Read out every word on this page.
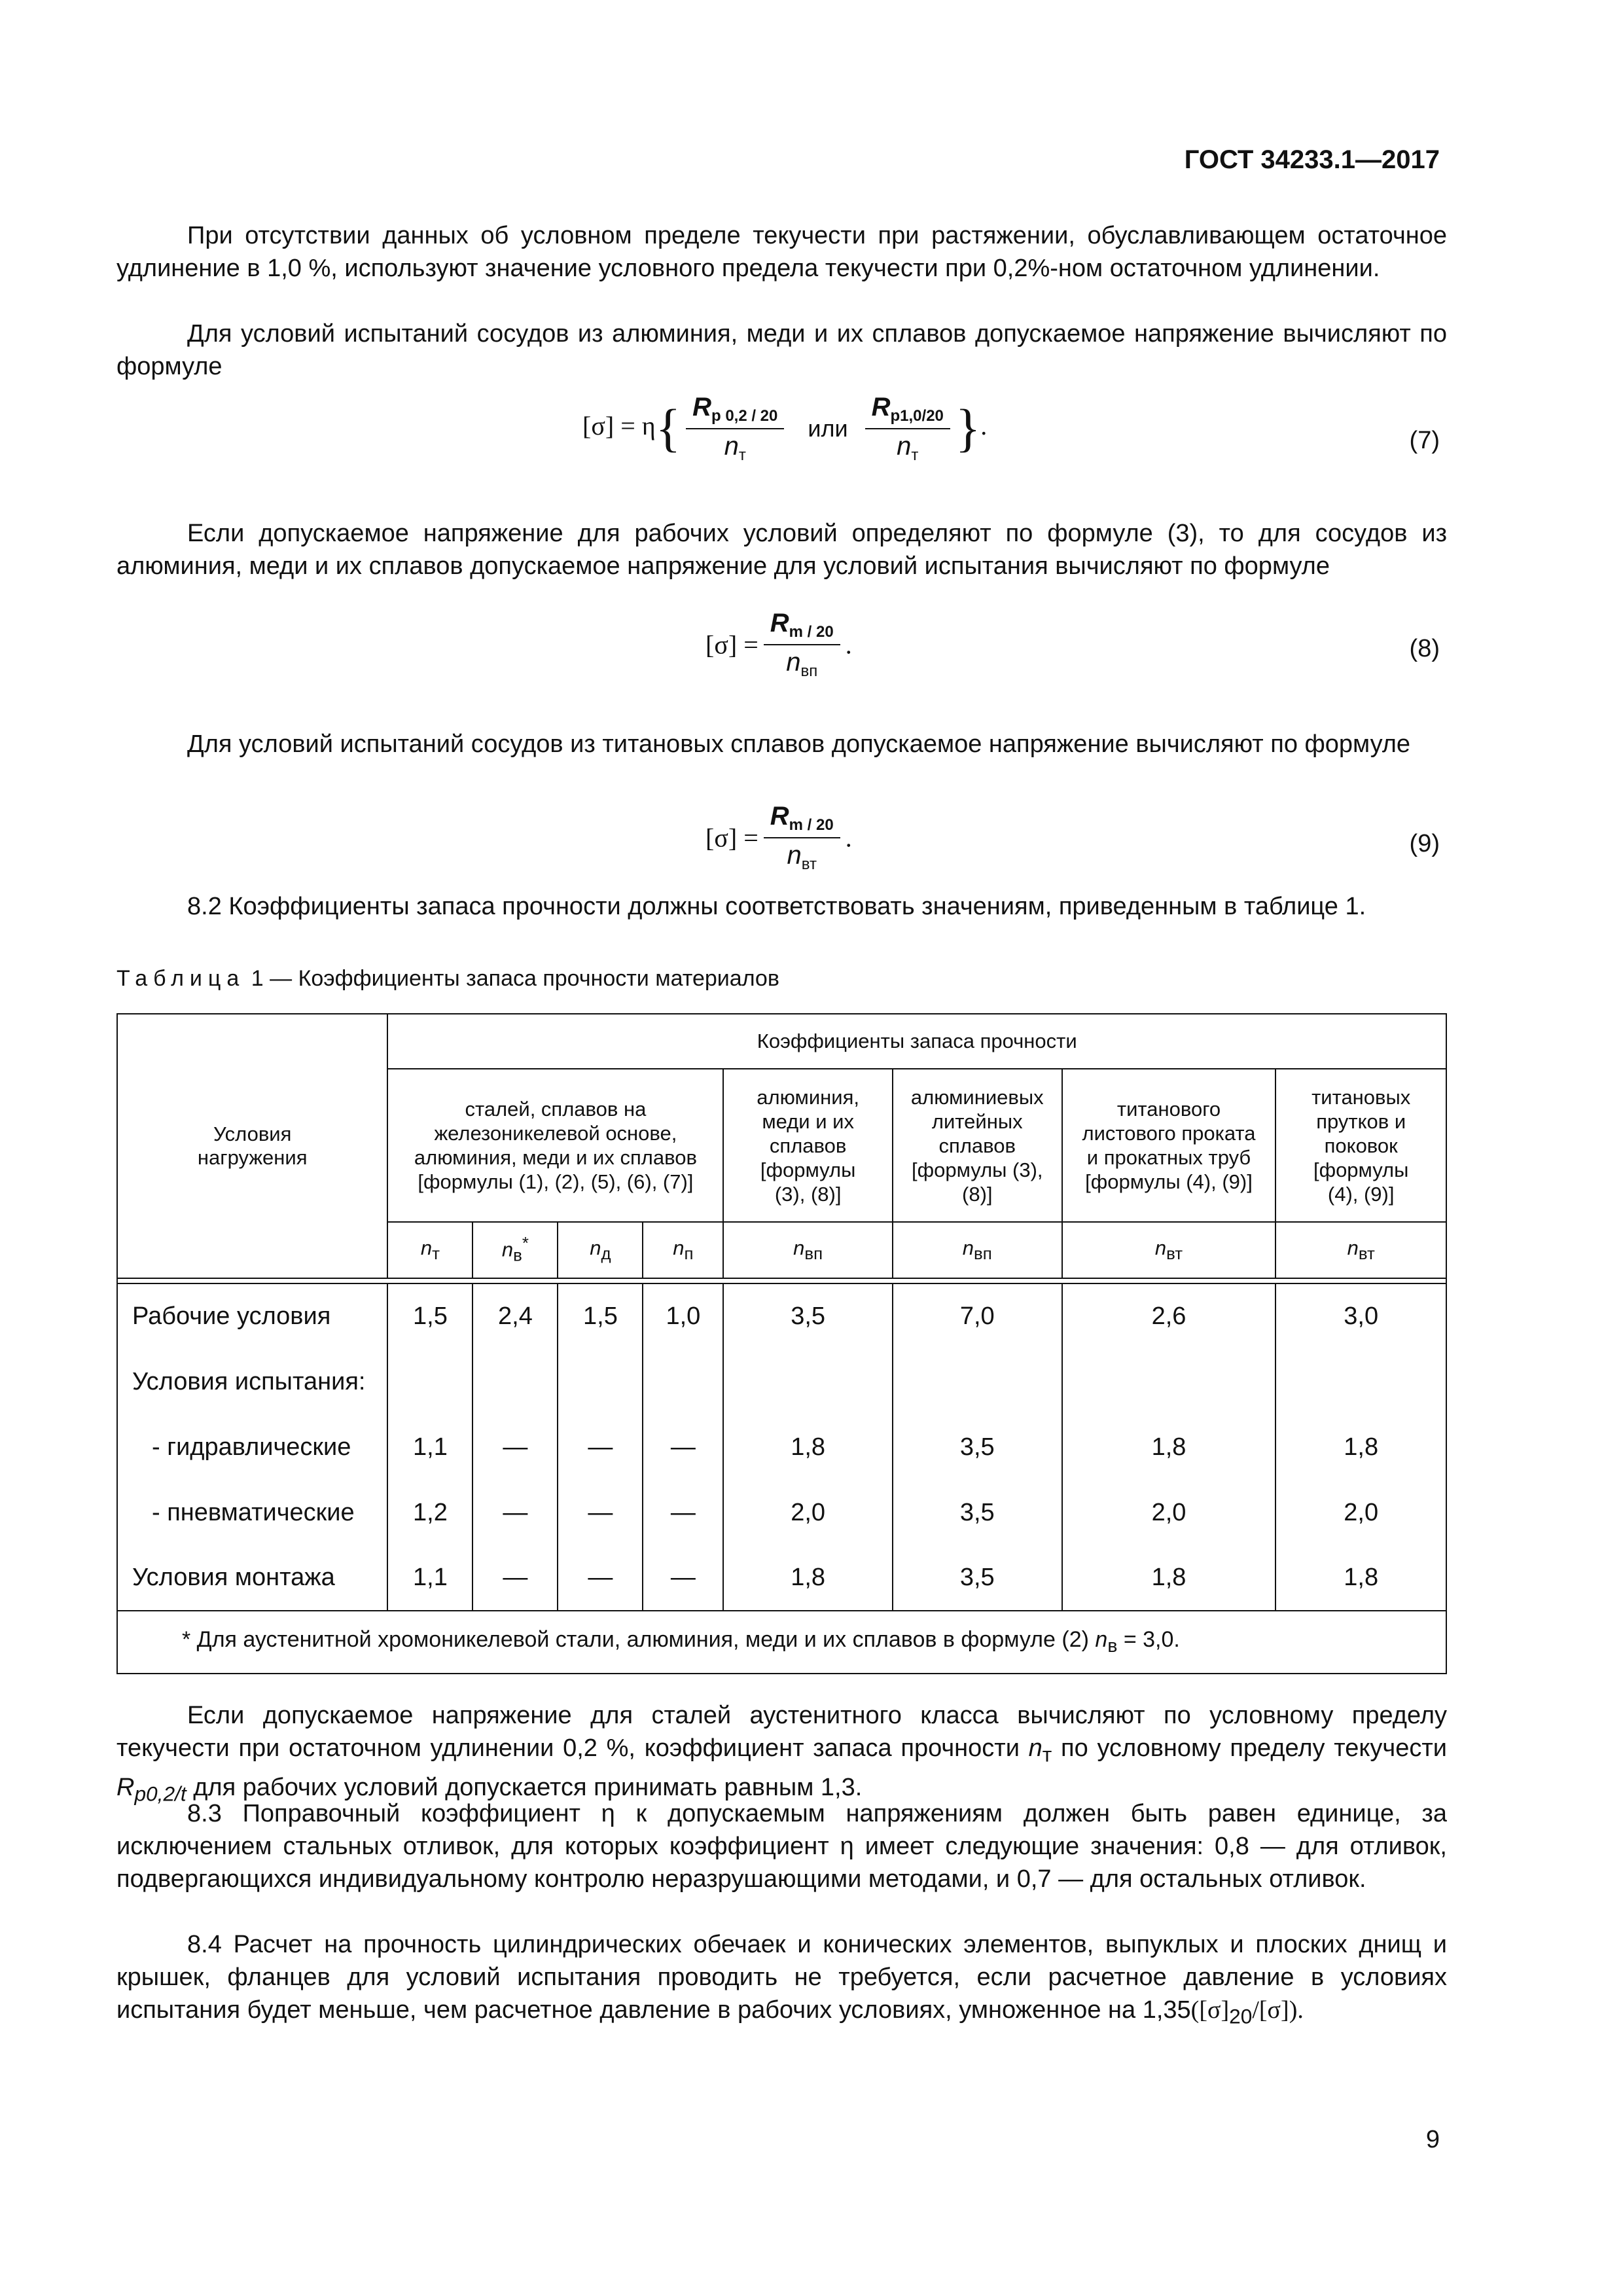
ГОСТ 34233.1—2017
При отсутствии данных об условном пределе текучести при растяжении, обуславливающем остаточное удлинение в 1,0 %, используют значение условного предела текучести при 0,2%-ном остаточном удлинении.
Для условий испытаний сосудов из алюминия, меди и их сплавов допускаемое напряжение вычисляют по формуле
$[\sigma] = \eta\{ \frac{R_{p 0,2 / 20}}{n_т}$ или $\frac{R_{p1,0/20}}{n_т}$ }.	(7)
Если допускаемое напряжение для рабочих условий определяют по формуле (3), то для сосудов из алюминия, меди и их сплавов допускаемое напряжение для условий испытания вычисляют по формуле
$[\sigma] = \frac{R_{m / 20}}{n_{вп}}$ .	(8)
Для условий испытаний сосудов из титановых сплавов допускаемое напряжение вычисляют по формуле
$[\sigma] = \frac{R_{m / 20}}{n_{вт}}$ .	(9)
8.2 Коэффициенты запаса прочности должны соответствовать значениям, приведенным в таблице 1.
Таблица 1 — Коэффициенты запаса прочности материалов
Условия нагружения	Коэффициенты запаса прочности							

	сталей, сплавов на железоникелевой основе, алюминия, меди и их сплавов [формулы (1), (2), (5), (6), (7)]				алюминия, меди и их сплавов [формулы (3), (8)]	алюминиевых литейных сплавов [формулы (3), (8)]	титанового листового проката и прокатных труб [формулы (4), (9)]	титановых прутков и поковок [формулы (4), (9)]

	$n_т$	$n_в^*$	$n_д$	$n_п$	$n_{вп}$	$n_{вп}$	$n_{вт}$	$n_{вт}$

Рабочие условия	1,5	2,4	1,5	1,0	3,5	7,0	2,6	3,0
Условия испытания:								
- гидравлические	1,1	—	—	—	1,8	3,5	1,8	1,8
- пневматические	1,2	—	—	—	2,0	3,5	2,0	2,0
Условия монтажа	1,1	—	—	—	1,8	3,5	1,8	1,8
* Для аустенитной хромоникелевой стали, алюминия, меди и их сплавов в формуле (2) $n_в = 3,0$.								
Если допускаемое напряжение для сталей аустенитного класса вычисляют по условному пределу текучести при остаточном удлинении 0,2 %, коэффициент запаса прочности $n_т$ по условному пределу текучести $R_{p0,2/t}$ для рабочих условий допускается принимать равным 1,3.
8.3 Поправочный коэффициент η к допускаемым напряжениям должен быть равен единице, за исключением стальных отливок, для которых коэффициент η имеет следующие значения: 0,8 — для отливок, подвергающихся индивидуальному контролю неразрушающими методами, и 0,7 — для остальных отливок.
8.4 Расчет на прочность цилиндрических обечаек и конических элементов, выпуклых и плоских днищ и крышек, фланцев для условий испытания проводить не требуется, если расчетное давление в условиях испытания будет меньше, чем расчетное давление в рабочих условиях, умноженное на $1,35([\sigma]_{20}/[\sigma])$.
9
